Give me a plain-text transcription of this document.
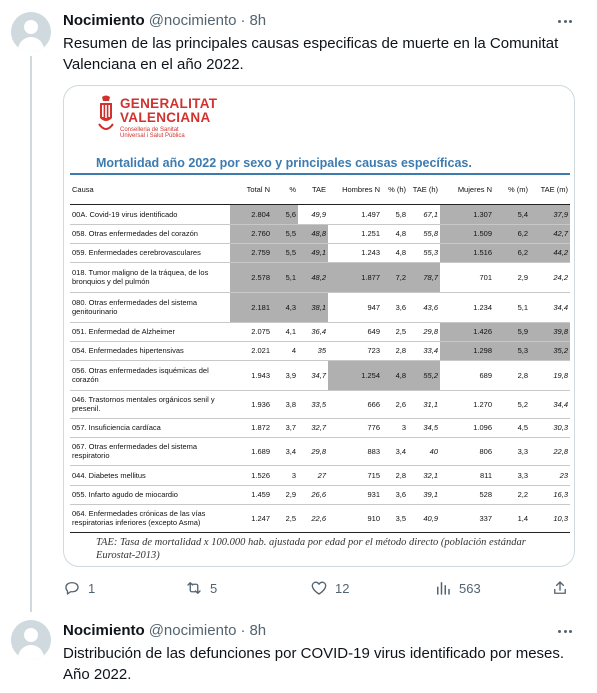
Nocimiento @nocimiento · 8h
Resumen de las principales causas especificas de muerte en la Comunitat Valenciana en el año 2022.
GENERALITAT
VALENCIANA
Conselleria de Sanitat
Universal i Salut Pública
Mortalidad año 2022 por sexo y principales causas específicas.
Causa	Total N	%	TAE	Hombres N	% (h)	TAE (h)	Mujeres N	% (m)	TAE (m)
00A. Covid-19 virus identificado	2.804	5,6	49,9	1.497	5,8	67,1	1.307	5,4	37,9
058. Otras enfermedades del corazón	2.760	5,5	48,8	1.251	4,8	55,8	1.509	6,2	42,7
059. Enfermedades cerebrovasculares	2.759	5,5	49,1	1.243	4,8	55,3	1.516	6,2	44,2
018. Tumor maligno de la tráquea, de los bronquios y del pulmón	2.578	5,1	48,2	1.877	7,2	78,7	701	2,9	24,2
080. Otras enfermedades del sistema genitourinario	2.181	4,3	38,1	947	3,6	43,6	1.234	5,1	34,4
051. Enfermedad de Alzheimer	2.075	4,1	36,4	649	2,5	29,8	1.426	5,9	39,8
054. Enfermedades hipertensivas	2.021	4	35	723	2,8	33,4	1.298	5,3	35,2
056. Otras enfermedades isquémicas del corazón	1.943	3,9	34,7	1.254	4,8	55,2	689	2,8	19,8
046. Trastornos mentales orgánicos senil y presenil.	1.936	3,8	33,5	666	2,6	31,1	1.270	5,2	34,4
057. Insuficiencia cardíaca	1.872	3,7	32,7	776	3	34,5	1.096	4,5	30,3
067. Otras enfermedades del sistema respiratorio	1.689	3,4	29,8	883	3,4	40	806	3,3	22,8
044. Diabetes mellitus	1.526	3	27	715	2,8	32,1	811	3,3	23
055. Infarto agudo de miocardio	1.459	2,9	26,6	931	3,6	39,1	528	2,2	16,3
064. Enfermedades crónicas de las vías respiratorias inferiores (excepto Asma)	1.247	2,5	22,6	910	3,5	40,9	337	1,4	10,3
TAE: Tasa de mortalidad x 100.000 hab. ajustada por edad por el método directo (población estándar Eurostat-2013)
1	5	12	563
Nocimiento @nocimiento · 8h
Distribución de las defunciones por COVID-19 virus identificado por meses. Año 2022.
